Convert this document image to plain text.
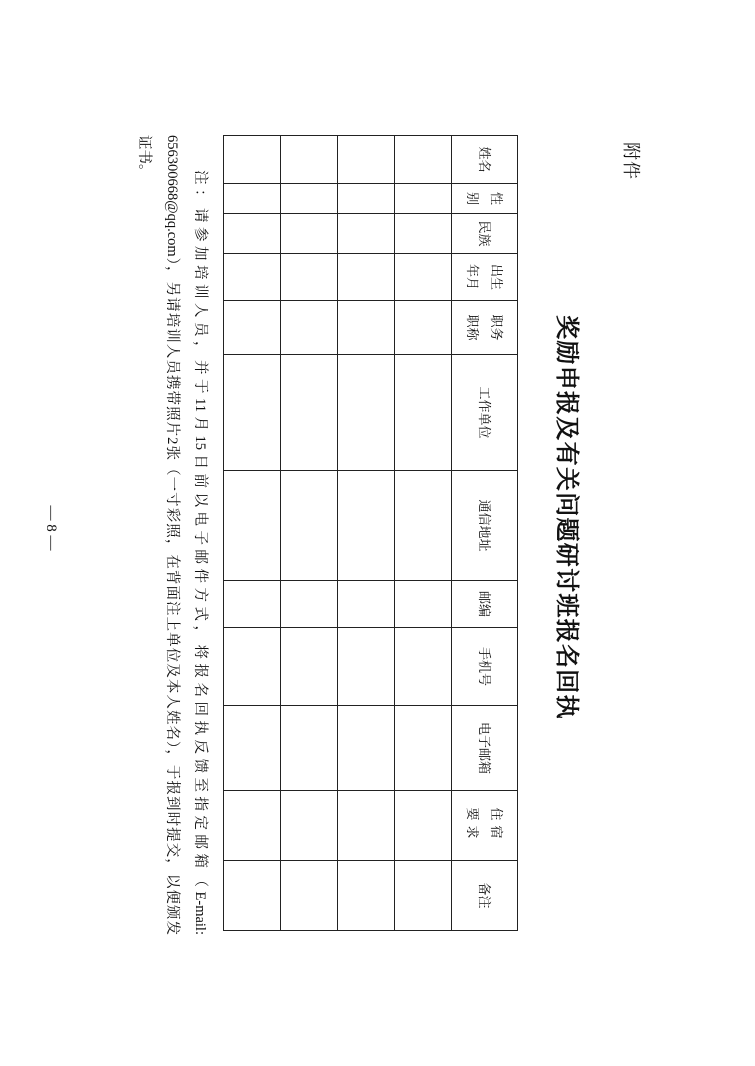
附件
奖励申报及有关问题研讨班报名回执
姓名	性别	民族	出生年月	职务职称	工作单位	通信地址	邮编	手机号	电子邮箱	住宿要求	备注

注：请参加培训人员，并于11月15日前以电子邮件方式，将报名回执反馈至指定邮箱（E-mail:
656300668@qq.com），另请培训人员携带照片2张（一寸彩照，在背面注上单位及本人姓名），于报到时提交，以便颁发
证书。
— 8 —
